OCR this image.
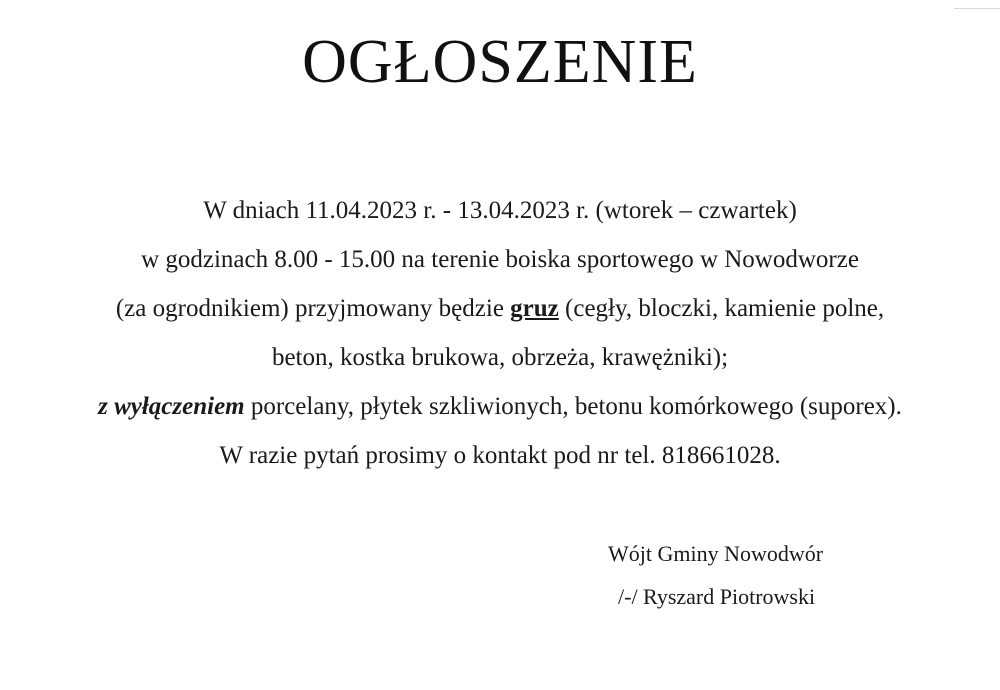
OGŁOSZENIE
W dniach 11.04.2023 r. - 13.04.2023 r. (wtorek – czwartek)
w godzinach 8.00 - 15.00 na terenie boiska sportowego w Nowodworze
(za ogrodnikiem) przyjmowany będzie gruz (cegły, bloczki, kamienie polne,
beton, kostka brukowa, obrzeża, krawężniki);
z wyłączeniem porcelany, płytek szkliwionych, betonu komórkowego (suporex).
W razie pytań prosimy o kontakt pod nr tel. 818661028.
Wójt Gminy Nowodwór
/-/ Ryszard Piotrowski
